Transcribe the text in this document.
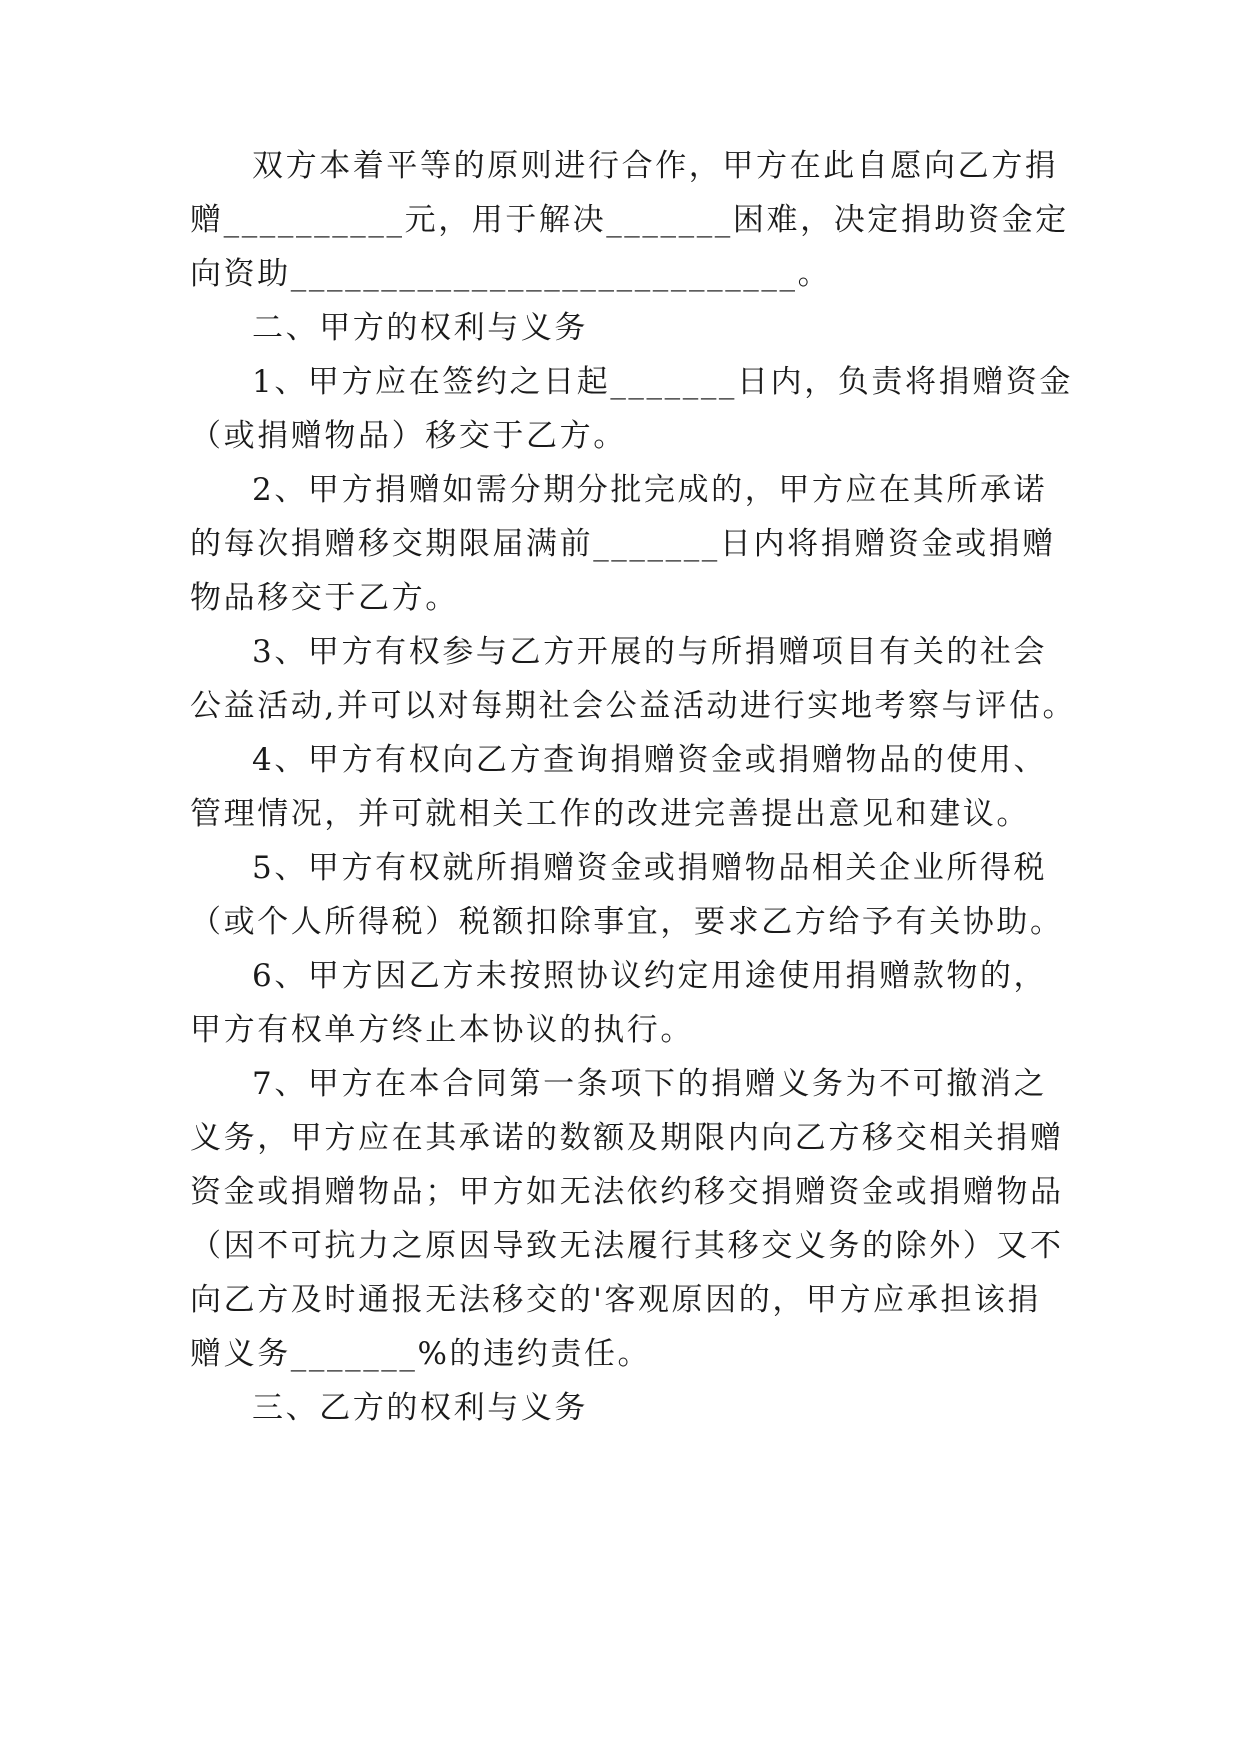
双方本着平等的原则进行合作，甲方在此自愿向乙方捐
赠__________元，用于解决_______困难，决定捐助资金定
向资助____________________________。
二、甲方的权利与义务
1、甲方应在签约之日起_______日内，负责将捐赠资金
（或捐赠物品）移交于乙方。
2、甲方捐赠如需分期分批完成的，甲方应在其所承诺
的每次捐赠移交期限届满前_______日内将捐赠资金或捐赠
物品移交于乙方。
3、甲方有权参与乙方开展的与所捐赠项目有关的社会
公益活动,并可以对每期社会公益活动进行实地考察与评估。
4、甲方有权向乙方查询捐赠资金或捐赠物品的使用、
管理情况，并可就相关工作的改进完善提出意见和建议。
5、甲方有权就所捐赠资金或捐赠物品相关企业所得税
（或个人所得税）税额扣除事宜，要求乙方给予有关协助。
6、甲方因乙方未按照协议约定用途使用捐赠款物的，
甲方有权单方终止本协议的执行。
7、甲方在本合同第一条项下的捐赠义务为不可撤消之
义务，甲方应在其承诺的数额及期限内向乙方移交相关捐赠
资金或捐赠物品；甲方如无法依约移交捐赠资金或捐赠物品
（因不可抗力之原因导致无法履行其移交义务的除外）又不
向乙方及时通报无法移交的'客观原因的，甲方应承担该捐
赠义务_______%的违约责任。
三、乙方的权利与义务
